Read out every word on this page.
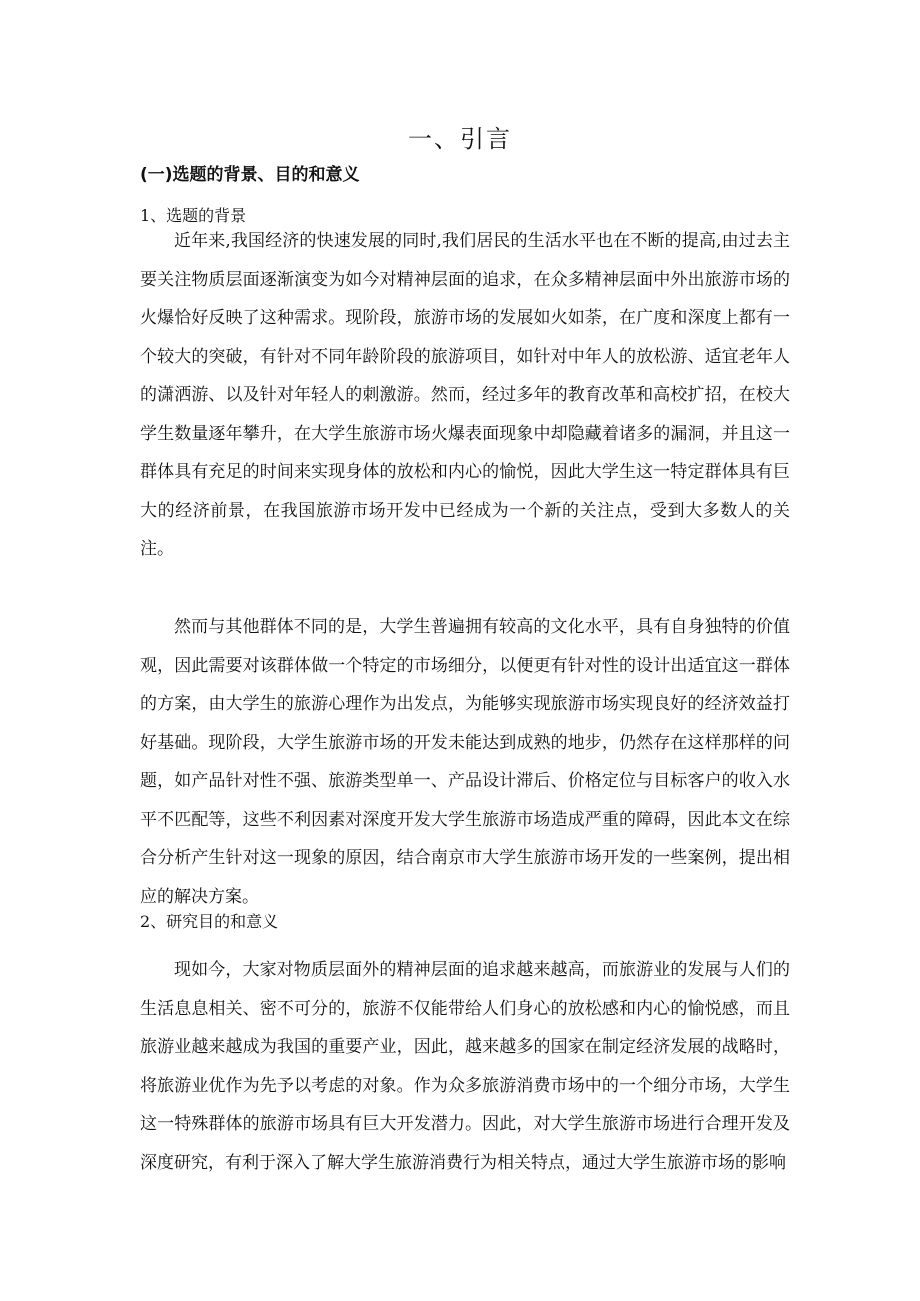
一、引言
(一)选题的背景、目的和意义
1、选题的背景

近年来,我国经济的快速发展的同时,我们居民的生活水平也在不断的提高,由过去主要关注物质层面逐渐演变为如今对精神层面的追求，在众多精神层面中外出旅游市场的火爆恰好反映了这种需求。现阶段，旅游市场的发展如火如荼，在广度和深度上都有一个较大的突破，有针对不同年龄阶段的旅游项目，如针对中年人的放松游、适宜老年人的潇洒游、以及针对年轻人的刺激游。然而，经过多年的教育改革和高校扩招，在校大学生数量逐年攀升，在大学生旅游市场火爆表面现象中却隐藏着诸多的漏洞，并且这一群体具有充足的时间来实现身体的放松和内心的愉悦，因此大学生这一特定群体具有巨大的经济前景，在我国旅游市场开发中已经成为一个新的关注点，受到大多数人的关注。

然而与其他群体不同的是，大学生普遍拥有较高的文化水平，具有自身独特的价值观，因此需要对该群体做一个特定的市场细分，以便更有针对性的设计出适宜这一群体的方案，由大学生的旅游心理作为出发点，为能够实现旅游市场实现良好的经济效益打好基础。现阶段，大学生旅游市场的开发未能达到成熟的地步，仍然存在这样那样的问题，如产品针对性不强、旅游类型单一、产品设计滞后、价格定位与目标客户的收入水平不匹配等，这些不利因素对深度开发大学生旅游市场造成严重的障碍，因此本文在综合分析产生针对这一现象的原因，结合南京市大学生旅游市场开发的一些案例，提出相应的解决方案。

2、研究目的和意义

现如今，大家对物质层面外的精神层面的追求越来越高，而旅游业的发展与人们的生活息息相关、密不可分的，旅游不仅能带给人们身心的放松感和内心的愉悦感，而且旅游业越来越成为我国的重要产业，因此，越来越多的国家在制定经济发展的战略时，将旅游业优作为先予以考虑的对象。作为众多旅游消费市场中的一个细分市场，大学生这一特殊群体的旅游市场具有巨大开发潜力。因此，对大学生旅游市场进行合理开发及深度研究，有利于深入了解大学生旅游消费行为相关特点，通过大学生旅游市场的影响
